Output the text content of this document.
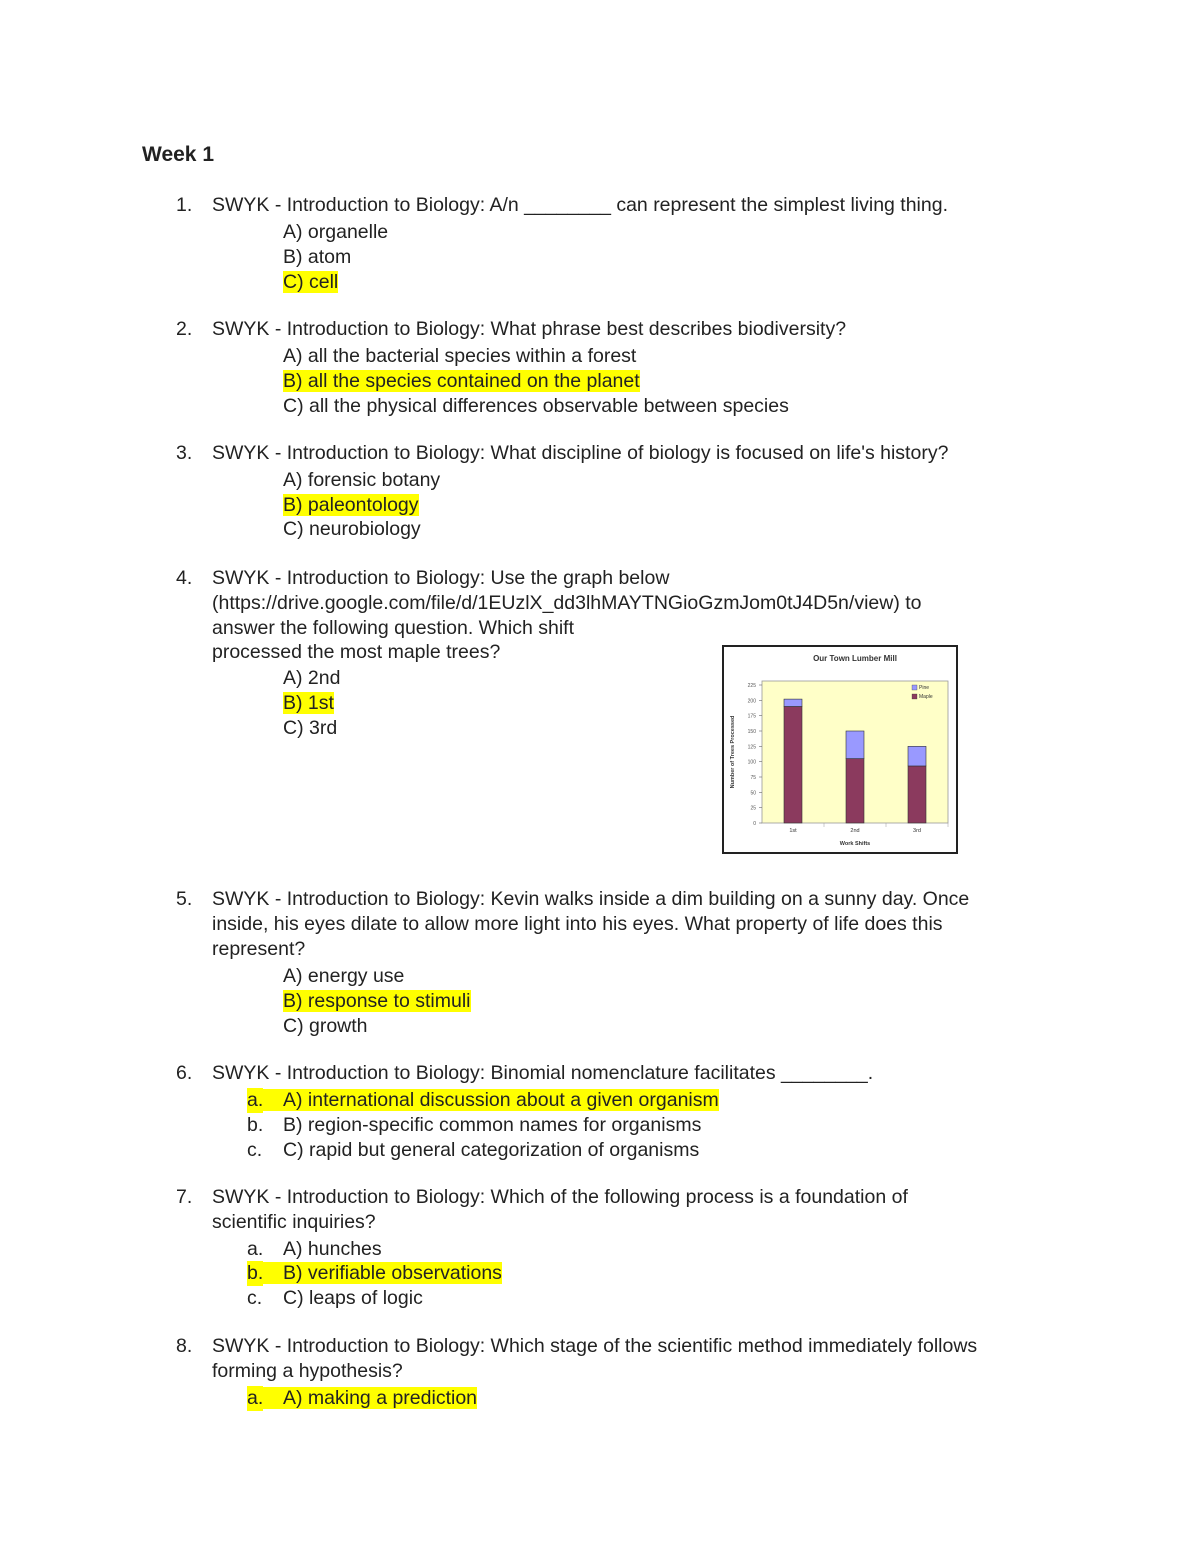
Week 1
1. SWYK - Introduction to Biology: A/n ________ can represent the simplest living thing.
A) organelle
B) atom
C) cell
2. SWYK - Introduction to Biology: What phrase best describes biodiversity?
A) all the bacterial species within a forest
B) all the species contained on the planet
C) all the physical differences observable between species
3. SWYK - Introduction to Biology: What discipline of biology is focused on life's history?
A) forensic botany
B) paleontology
C) neurobiology
4. SWYK - Introduction to Biology: Use the graph below
(https://drive.google.com/file/d/1EUzlX_dd3lhMAYTNGioGzmJom0tJ4D5n/view) to
answer the following question. Which shift
processed the most maple trees?
A) 2nd
B) 1st
C) 3rd
5. SWYK - Introduction to Biology: Kevin walks inside a dim building on a sunny day. Once
inside, his eyes dilate to allow more light into his eyes. What property of life does this
represent?
A) energy use
B) response to stimuli
C) growth
6. SWYK - Introduction to Biology: Binomial nomenclature facilitates ________.
a. A) international discussion about a given organism
b. B) region-specific common names for organisms
c. C) rapid but general categorization of organisms
7. SWYK - Introduction to Biology: Which of the following process is a foundation of
scientific inquiries?
a. A) hunches
b. B) verifiable observations
c. C) leaps of logic
8. SWYK - Introduction to Biology: Which stage of the scientific method immediately follows
forming a hypothesis?
a. A) making a prediction
Our Town Lumber Mill
0
25
50
75
100
125
150
175
200
225
Number of Trees Processed
1st	2nd	3rd
Work Shifts
Pine
Maple
